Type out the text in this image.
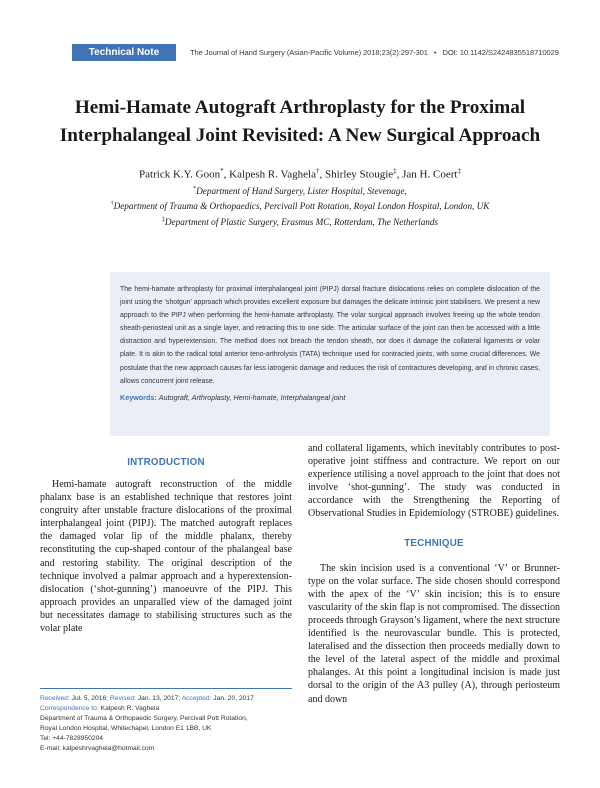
Technical Note	The Journal of Hand Surgery (Asian-Pacific Volume) 2018;23(2):297-301 • DOI: 10.1142/S2424835518710029
Hemi-Hamate Autograft Arthroplasty for the Proximal
Interphalangeal Joint Revisited: A New Surgical Approach
Patrick K.Y. Goon*, Kalpesh R. Vaghela†, Shirley Stougie‡, Jan H. Coert‡
*Department of Hand Surgery, Lister Hospital, Stevenage,
†Department of Trauma & Orthopaedics, Percivall Pott Rotation, Royal London Hospital, London, UK
‡Department of Plastic Surgery, Erasmus MC, Rotterdam, The Netherlands

The hemi-hamate arthroplasty for proximal interphalangeal joint (PIPJ) dorsal fracture dislocations relies on complete dislocation of the joint using the ‘shotgun’ approach which provides excellent exposure but damages the delicate intrinsic joint stabilisers. We present a new approach to the PIPJ when performing the hemi-hamate arthroplasty. The volar surgical approach involves freeing up the whole tendon sheath-periosteal unit as a single layer, and retracting this to one side. The articular surface of the joint can then be accessed with a little distraction and hyperextension. The method does not breach the tendon sheath, nor does it damage the collateral ligaments or volar plate. It is akin to the radical total anterior teno-arthrolysis (TATA) technique used for contracted joints, with some crucial differences. We postulate that the new approach causes far less iatrogenic damage and reduces the risk of contractures developing, and in chronic cases, allows concurrent joint release.

Keywords: Autograft, Arthroplasty, Hemi-hamate, Interphalangeal joint
INTRODUCTION

Hemi-hamate autograft reconstruction of the middle phalanx base is an established technique that restores joint congruity after unstable fracture dislocations of the proximal interphalangeal joint (PIPJ). The matched autograft replaces the damaged volar lip of the middle phalanx, thereby reconstituting the cup-shaped contour of the phalangeal base and restoring stability. The original description of the technique involved a palmar approach and a hyperextension-dislocation (‘shot-gunning’) manoeuvre of the PIPJ. This approach provides an unparalled view of the damaged joint but necessitates damage to stabilising structures such as the volar plate

and collateral ligaments, which inevitably contributes to post-operative joint stiffness and contracture. We report on our experience utilising a novel approach to the joint that does not involve ‘shot-gunning’. The study was conducted in accordance with the Strengthening the Reporting of Observational Studies in Epidemiology (STROBE) guidelines.

TECHNIQUE

The skin incision used is a conventional ‘V’ or Brunner-type on the volar surface. The side chosen should correspond with the apex of the ‘V’ skin incision; this is to ensure vascularity of the skin flap is not compromised. The dissection proceeds through Grayson’s ligament, where the next structure identified is the neurovascular bundle. This is protected, lateralised and the dissection then proceeds medially down to the level of the lateral aspect of the middle and proximal phalanges. At this point a longitudinal incision is made just dorsal to the origin of the A3 pulley (A), through periosteum and down

Received: Jul. 5, 2016; Revised: Jan. 13, 2017; Accepted: Jan. 20, 2017
Correspondence to: Kalpesh R. Vaghela
Department of Trauma & Orthopaedic Surgery, Percivall Pott Rotation,
Royal London Hospital, Whitechapel, London E1 1BB, UK
Tel: +44-7828950204
E-mail: kalpeshrvaghela@hotmail.com
